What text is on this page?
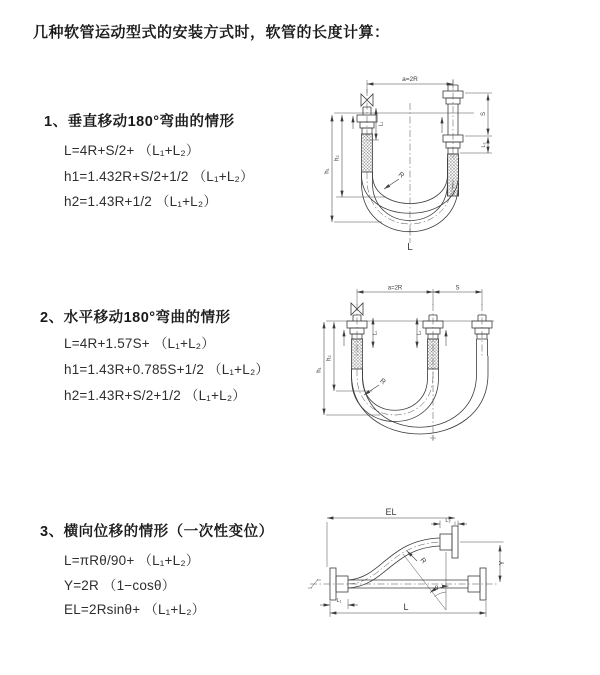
几种软管运动型式的安装方式时，软管的长度计算：
1、垂直移动180°弯曲的情形
L=4R+S/2+ （L₁+L₂）
h1=1.432R+S/2+1/2 （L₁+L₂）
h2=1.43R+1/2 （L₁+L₂）
2、水平移动180°弯曲的情形
L=4R+1.57S+ （L₁+L₂）
h1=1.43R+0.785S+1/2 （L₁+L₂）
h2=1.43R+S/2+1/2 （L₁+L₂）
3、横向位移的情形（一次性变位）
L=πRθ/90+ （L₁+L₂）
Y=2R （1−cosθ）
EL=2Rsinθ+ （L₁+L₂）
a=2R
h₁
h₂
L₁
S
L₂
R
L
a=2R	S
h₁
h₂
L₁	L₂
R
EL
L₂
Y
L
L₁
R
θ
